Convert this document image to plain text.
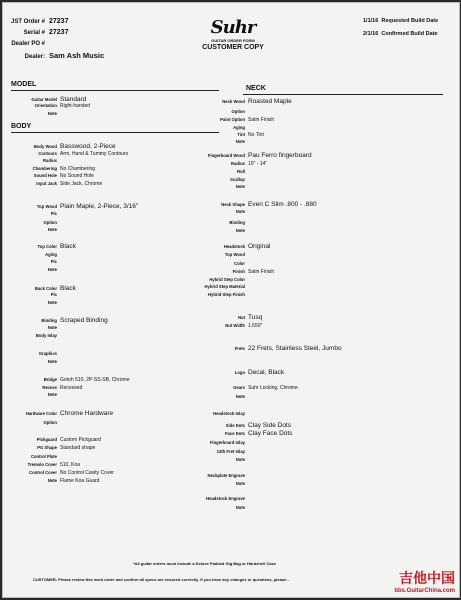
JST Order # 27237
Serial # 27237
Dealer PO #
Dealer: Sam Ash Music
Suhr
GUITAR ORDER FORM
CUSTOMER COPY
1/1/16 Requested Build Date
2/1/16 Confirmed Build Date
MODEL
BODY
NECK
Guitar Model Standard
Orientation Right-handed
Note
Body Wood Basswood, 2-Piece
Contours Arm, Hand & Tummy Contours
Radius
Chambering No Chambering
Sound Hole No Sound Hole
Input Jack Side Jack, Chrome
Top Wood Plain Maple, 2-Piece, 3/16"
Pic
Option
Note
Top Color Black
Aging
Pic
Note
Back Color Black
Pic
Note
Binding Scraped Binding
Note
Body Inlay
Graphics
Note
Bridge Gotoh 510, 2P-SS-SB, Chrome
Recess Recessed
Note
Hardware Color Chrome Hardware
Option
Pickguard Custom Pickguard
PG Shape Standard shape
Control Plate
Tremolo Cover 510, Koa
Control Cover No Control Cavity Cover
Note Flame Koa Guard
Neck Wood Roasted Maple
Option
Paint Option Satin Finish
Aging
Tint No Tint
Note
Fingerboard Wood Pau Ferro fingerboard
Radius 10" - 14"
Roll
Scallop
Note
Neck Shape Even C Slim .800 - .880
Note
Binding
Note
Headstock Original
Top Wood
Color
Finish Satin Finish
Hybrid Step Color
Hybrid Step Material
Hybrid Step Finish
Nut Tusq
Nut Width 1.650"
Frets 22 Frets, Stainless Steel, Jumbo
Logo Decal, Black
Gears Suhr Locking, Chrome
Note
Headstock Inlay
Side Dots Clay Side Dots
Face Dots Clay Face Dots
Fingerboard Inlay
12th Fret Inlay
Note
Neckplate Engrave
Note
Headstock Engrave
Note
*All guitar orders must include a Deluxe Padded Gig Bag or Hardshell Case
CUSTOMER: Please review this work order and confirm all specs are ensured correctly. If you have any changes or questions, please...	吉他中国
bbs.GuitarChina.com
